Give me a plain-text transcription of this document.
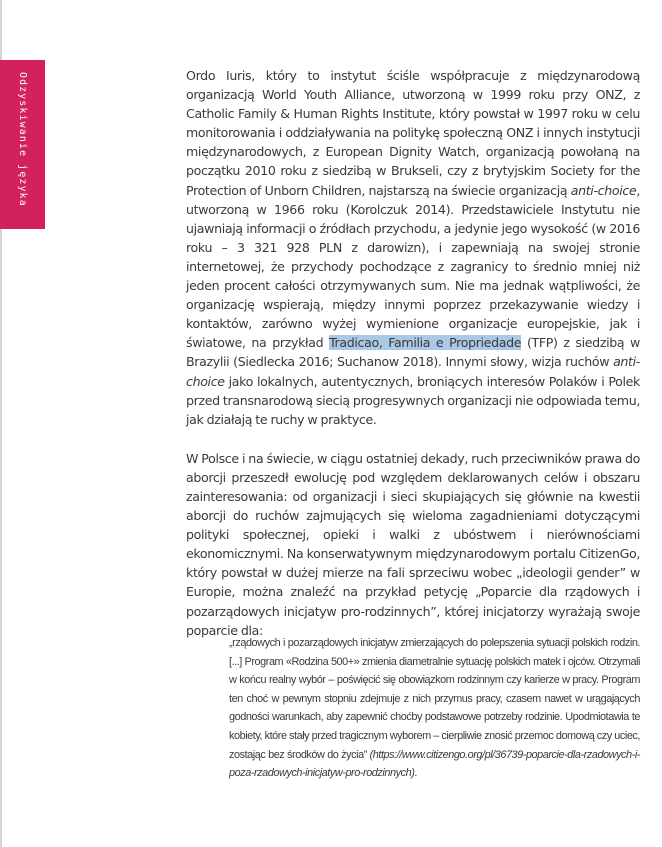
Odzyskiwanie języka	Ordo Iuris, który to instytut ściśle współpracuje z międzynarodową organizacją World Youth Alliance, utworzoną w 1999 roku przy ONZ, z Catholic Family & Human Rights Institute, który powstał w 1997 roku w celu monitorowania i oddziaływania na politykę społeczną ONZ i innych instytucji międzynarodowych, z European Dignity Watch, organizacją powołaną na początku 2010 roku z siedzibą w Brukseli, czy z brytyjskim Society for the Protection of Unborn Children, najstarszą na świecie organizacją anti-choice, utworzoną w 1966 roku (Korolczuk 2014). Przedstawiciele Instytutu nie ujawniają informacji o źródłach przychodu, a jedynie jego wysokość (w 2016 roku – 3 321 928 PLN z darowizn), i zapewniają na swojej stronie internetowej, że przychody pochodzące z zagranicy to średnio mniej niż jeden procent całości otrzymywanych sum. Nie ma jednak wątpliwości, że organizację wspierają, między innymi poprzez przekazywanie wiedzy i kontaktów, zarówno wyżej wymienione organizacje europejskie, jak i światowe, na przykład Tradicao, Familia e Propriedade (TFP) z siedzibą w Brazylii (Siedlecka 2016; Suchanow 2018). Innymi słowy, wizja ruchów anti-choice jako lokalnych, autentycznych, broniących interesów Polaków i Polek przed transnarodową siecią progresywnych organizacji nie odpowiada temu, jak działają te ruchy w praktyce.

W Polsce i na świecie, w ciągu ostatniej dekady, ruch przeciwników prawa do aborcji przeszedł ewolucję pod względem deklarowanych celów i obszaru zainteresowania: od organizacji i sieci skupiających się głównie na kwestii aborcji do ruchów zajmujących się wieloma zagadnieniami dotyczącymi polityki społecznej, opieki i walki z ubóstwem i nierównościami ekonomicznymi. Na konserwatywnym międzynarodowym portalu CitizenGo, który powstał w dużej mierze na fali sprzeciwu wobec „ideologii gender” w Europie, można znaleźć na przykład petycję „Poparcie dla rządowych i pozarządowych inicjatyw pro-rodzinnych”, której inicjatorzy wyrażają swoje poparcie dla:

„rządowych i pozarządowych inicjatyw zmierzających do polepszenia sytuacji polskich rodzin. [...] Program «Rodzina 500+» zmienia diametralnie sytuację polskich matek i ojców. Otrzymali w końcu realny wybór – poświęcić się obowiązkom rodzinnym czy karierze w pracy. Program ten choć w pewnym stopniu zdejmuje z nich przymus pracy, czasem nawet w urągających godności warunkach, aby zapewnić choćby podstawowe potrzeby rodzinie. Upodmiotawia te kobiety, które stały przed tragicznym wyborem – cierpliwie znosić przemoc domową czy uciec, zostając bez środków do życia” (https://www.citizengo.org/pl/36739-poparcie-dla-rzadowych-i-poza-rzadowych-inicjatyw-pro-rodzinnych).
